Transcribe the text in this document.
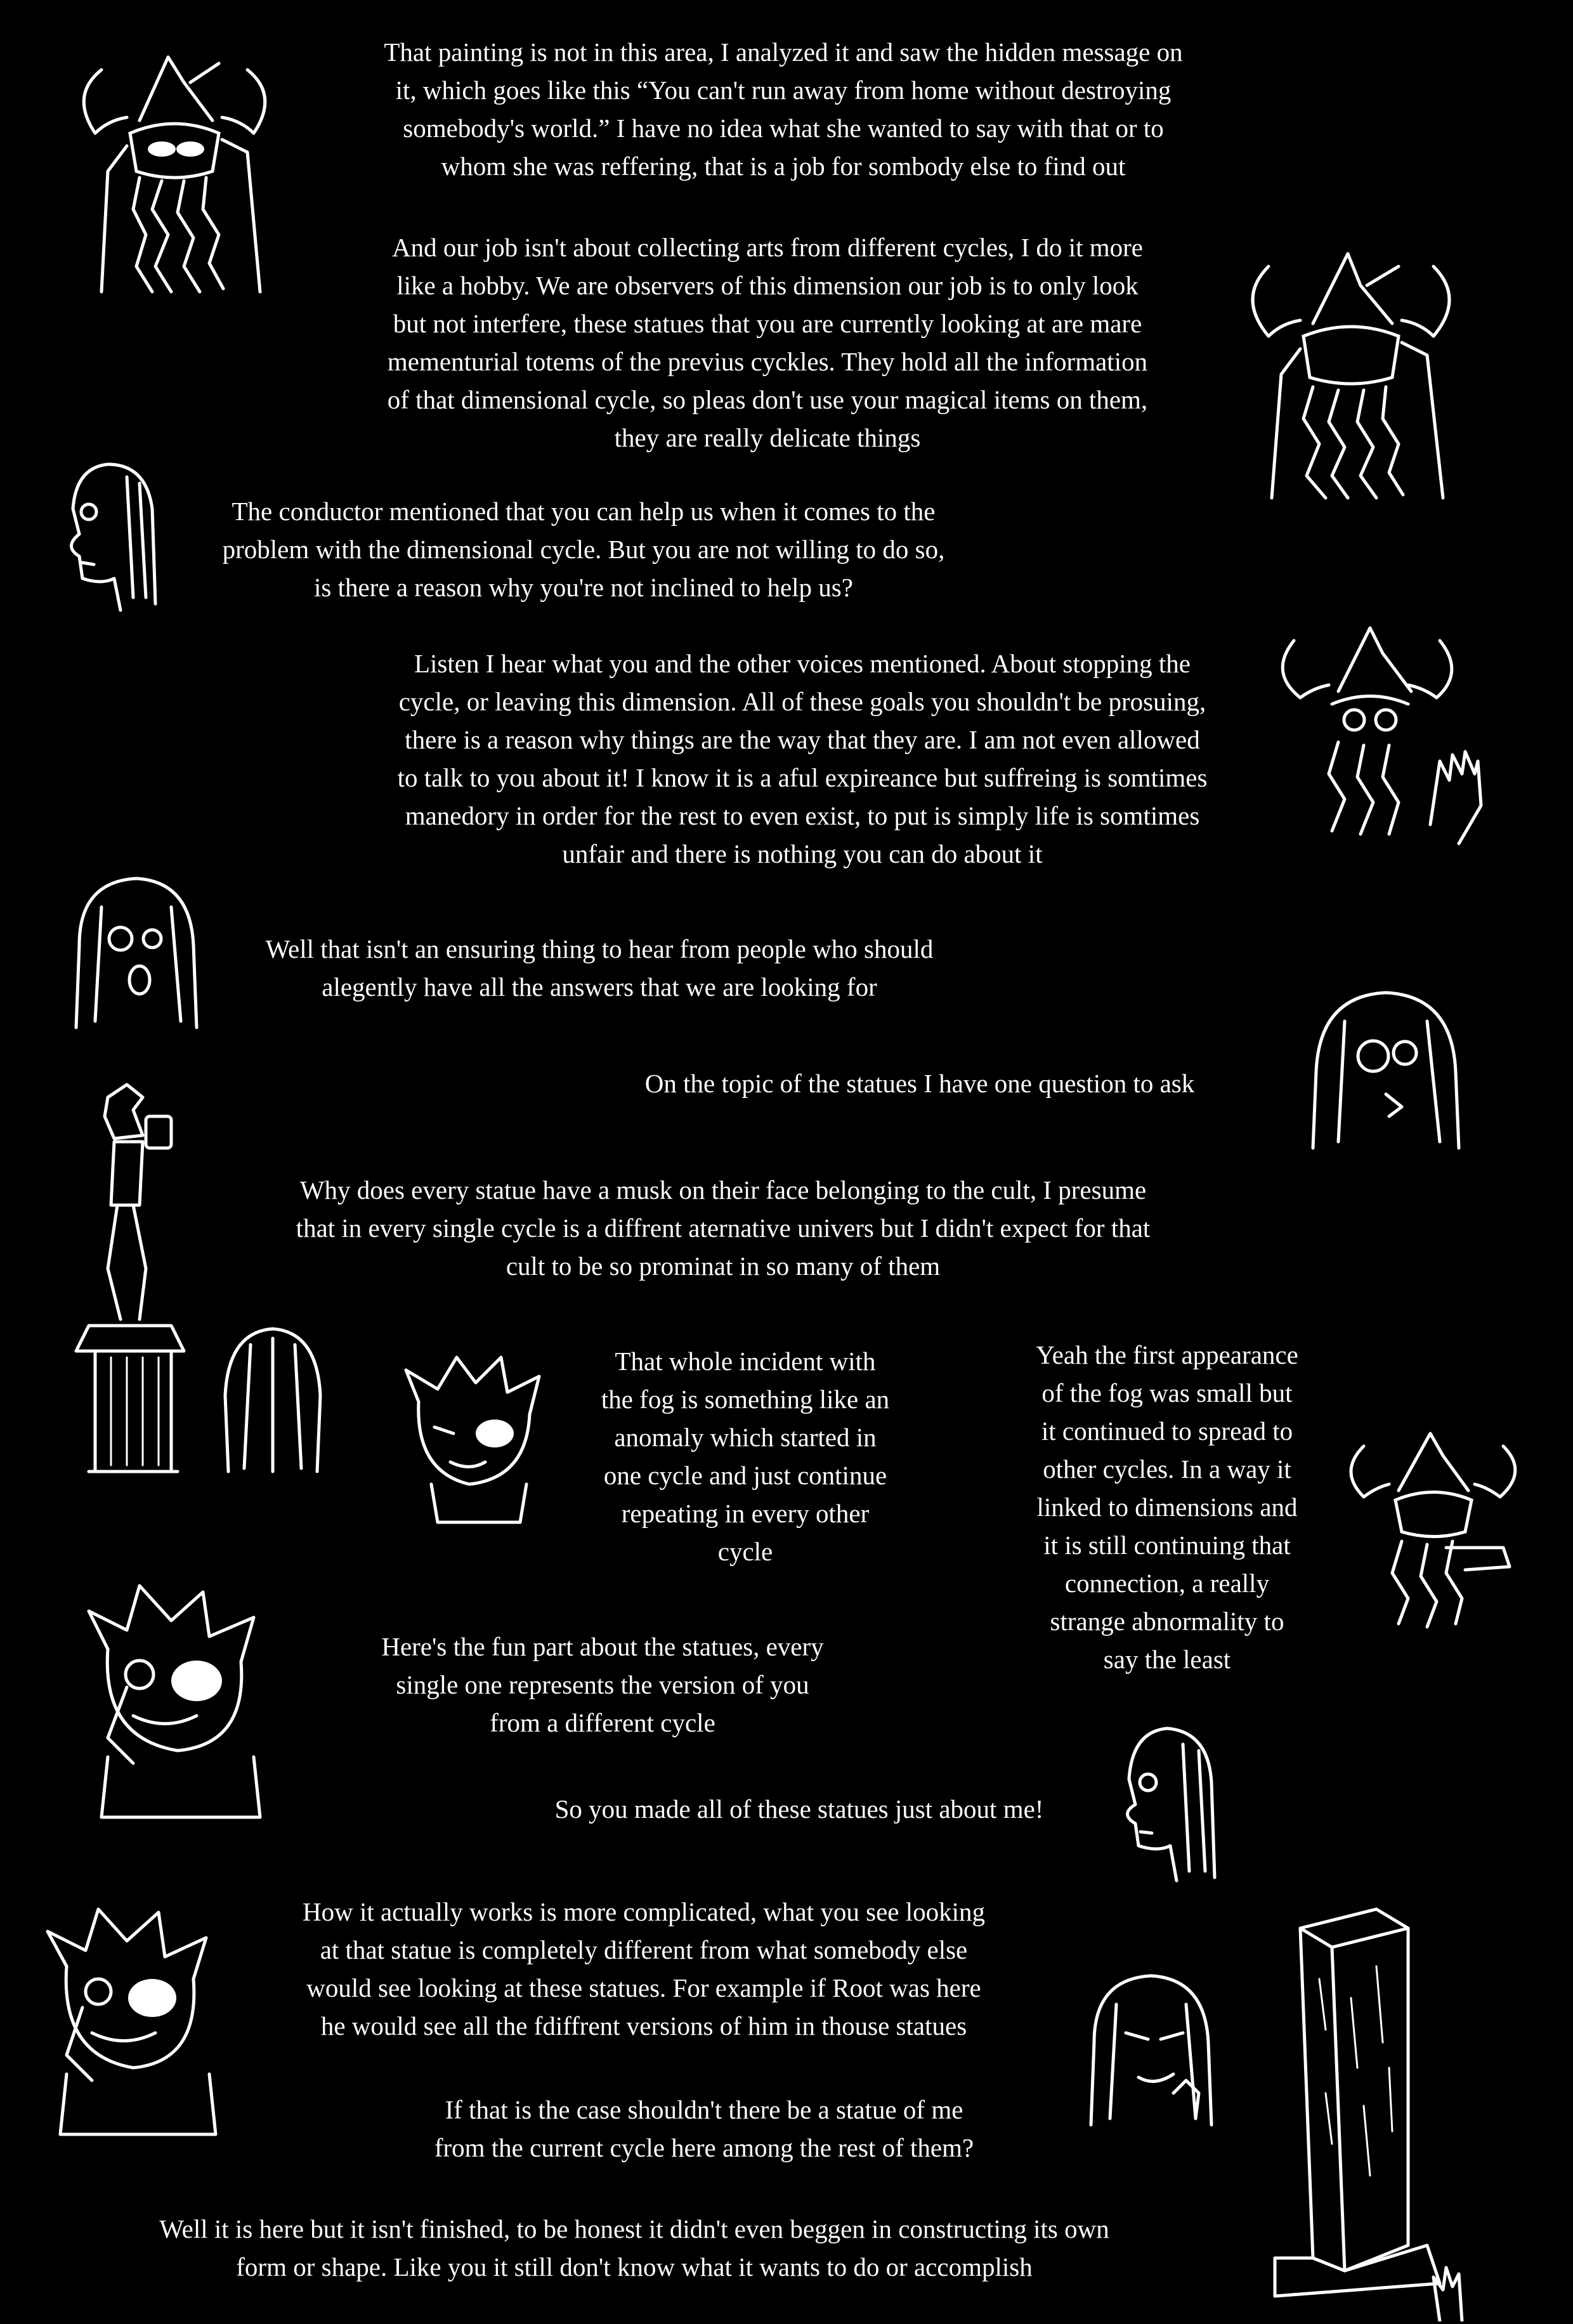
That painting is not in this area, I analyzed it and saw the hidden message on
it, which goes like this “You can't run away from home without destroying
somebody's world.” I have no idea what she wanted to say with that or to
whom she was reffering, that is a job for sombody else to find out
And our job isn't about collecting arts from different cycles, I do it more
like a hobby. We are observers of this dimension our job is to only look
but not interfere, these statues that you are currently looking at are mare
mementurial totems of the previus cyckles. They hold all the information
of that dimensional cycle, so pleas don't use your magical items on them,
they are really delicate things
The conductor mentioned that you can help us when it comes to the
problem with the dimensional cycle. But you are not willing to do so,
is there a reason why you're not inclined to help us?
Listen I hear what you and the other voices mentioned. About stopping the
cycle, or leaving this dimension. All of these goals you shouldn't be prosuing,
there is a reason why things are the way that they are. I am not even allowed
to talk to you about it! I know it is a aful expireance but suffreing is somtimes
manedory in order for the rest to even exist, to put is simply life is somtimes
unfair and there is nothing you can do about it
Well that isn't an ensuring thing to hear from people who should
alegently have all the answers that we are looking for
On the topic of the statues I have one question to ask
Why does every statue have a musk on their face belonging to the cult, I presume
that in every single cycle is a diffrent aternative univers but I didn't expect for that
cult to be so prominat in so many of them
That whole incident with
the fog is something like an
anomaly which started in
one cycle and just continue
repeating in every other
cycle
Yeah the first appearance
of the fog was small but
it continued to spread to
other cycles. In a way it
linked to dimensions and
it is still continuing that
connection, a really
strange abnormality to
say the least
Here's the fun part about the statues, every
single one represents the version of you
from a different cycle
So you made all of these statues just about me!
How it actually works is more complicated, what you see looking
at that statue is completely different from what somebody else
would see looking at these statues. For example if Root was here
he would see all the fdiffrent versions of him in thouse statues
If that is the case shouldn't there be a statue of me
from the current cycle here among the rest of them?
Well it is here but it isn't finished, to be honest it didn't even beggen in constructing its own
form or shape. Like you it still don't know what it wants to do or accomplish
